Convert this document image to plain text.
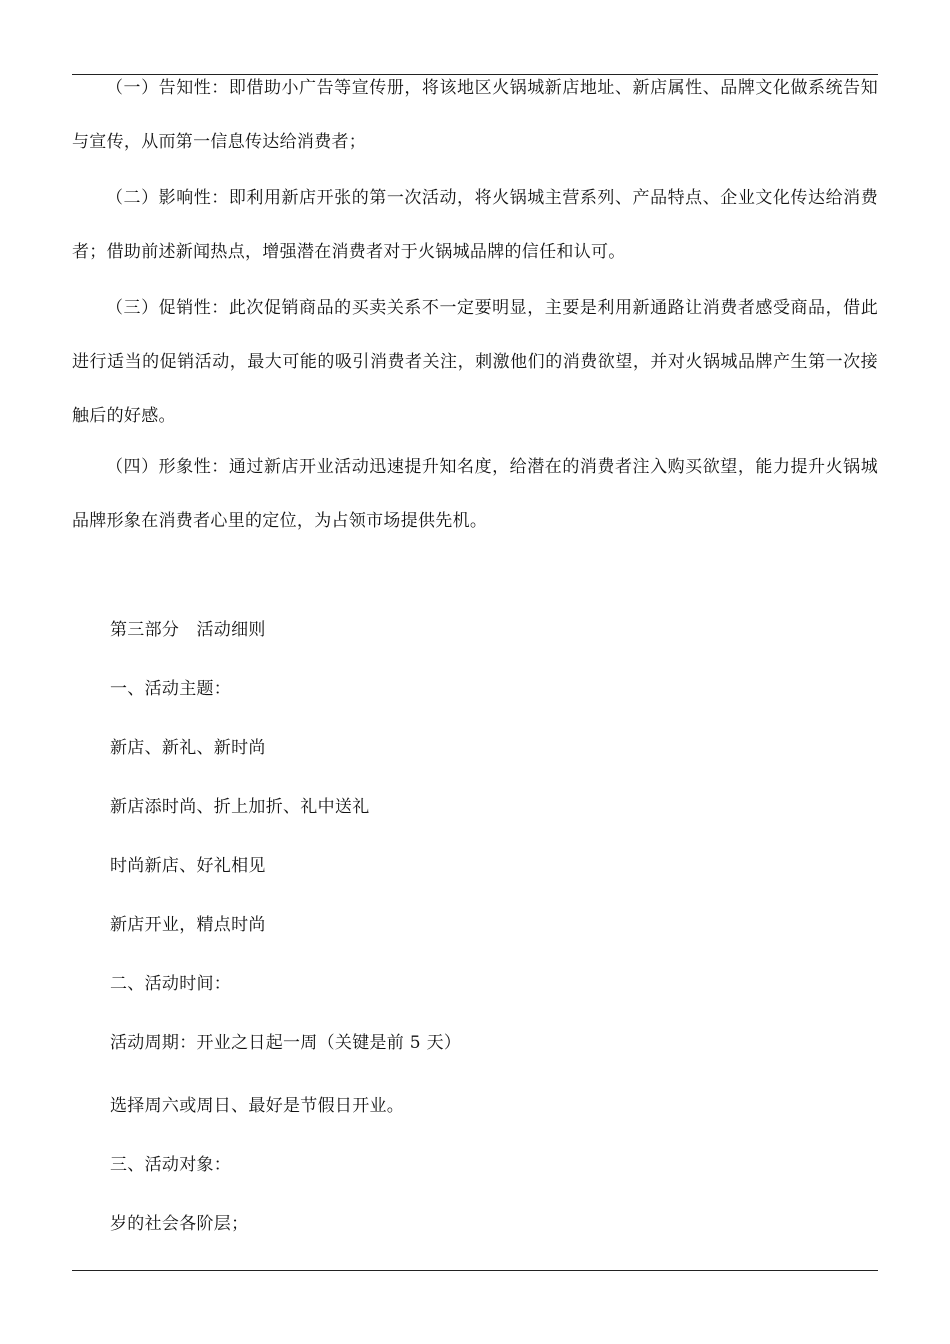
（一）告知性：即借助小广告等宣传册，将该地区火锅城新店地址、新店属性、品牌文化做系统告知与宣传，从而第一信息传达给消费者；

（二）影响性：即利用新店开张的第一次活动，将火锅城主营系列、产品特点、企业文化传达给消费者；借助前述新闻热点，增强潜在消费者对于火锅城品牌的信任和认可。

（三）促销性：此次促销商品的买卖关系不一定要明显，主要是利用新通路让消费者感受商品，借此进行适当的促销活动，最大可能的吸引消费者关注，刺激他们的消费欲望，并对火锅城品牌产生第一次接触后的好感。

（四）形象性：通过新店开业活动迅速提升知名度，给潜在的消费者注入购买欲望，能力提升火锅城品牌形象在消费者心里的定位，为占领市场提供先机。

第三部分　活动细则
一、活动主题：
新店、新礼、新时尚
新店添时尚、折上加折、礼中送礼
时尚新店、好礼相见
新店开业，精点时尚
二、活动时间：
活动周期：开业之日起一周（关键是前 5 天）
选择周六或周日、最好是节假日开业。
三、活动对象：
岁的社会各阶层；
